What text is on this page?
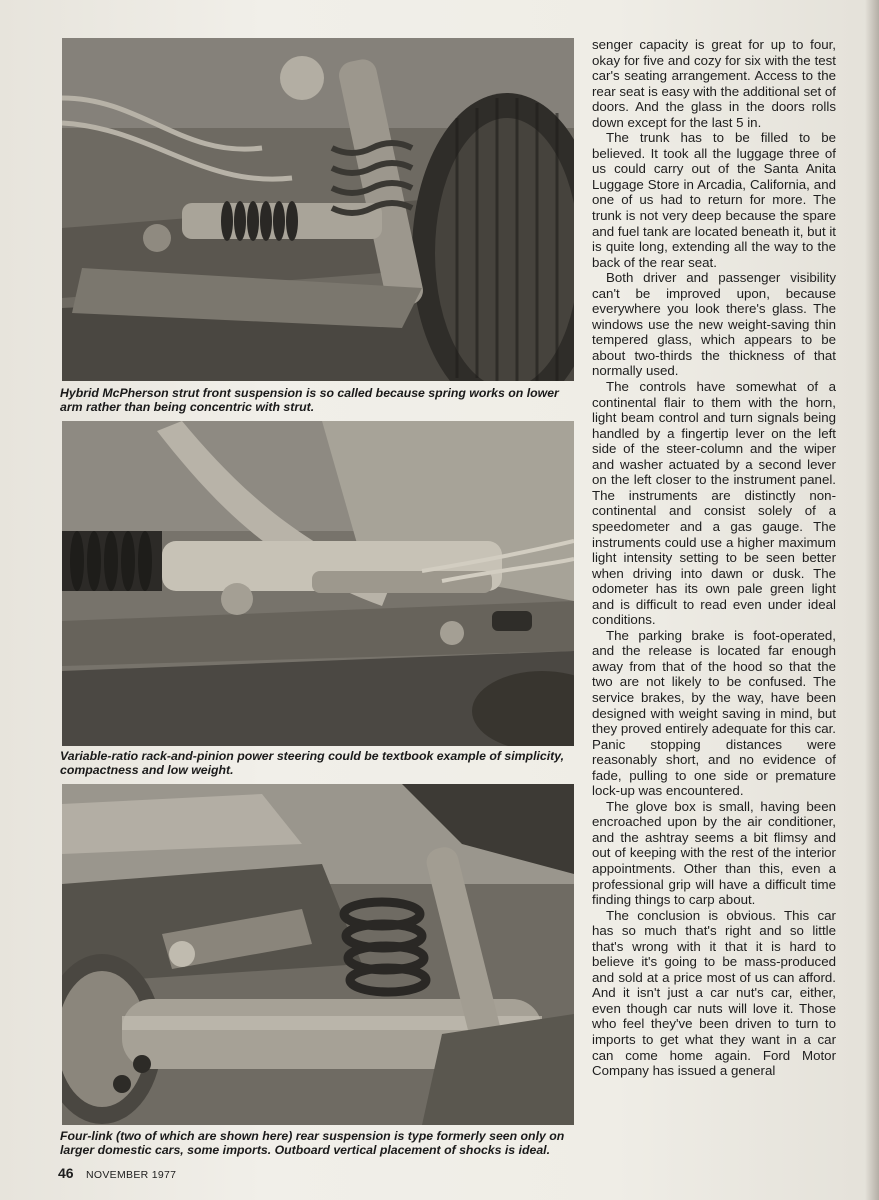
Hybrid McPherson strut front suspension is so called because spring works on lower arm rather than being concentric with strut.
Variable-ratio rack-and-pinion power steering could be textbook example of simplicity, compactness and low weight.
Four-link (two of which are shown here) rear suspension is type formerly seen only on larger domestic cars, some imports. Outboard vertical placement of shocks is ideal.

senger capacity is great for up to four, okay for five and cozy for six with the test car's seating arrangement. Access to the rear seat is easy with the additional set of doors. And the glass in the doors rolls down except for the last 5 in.

The trunk has to be filled to be believed. It took all the luggage three of us could carry out of the Santa Anita Luggage Store in Arcadia, California, and one of us had to return for more. The trunk is not very deep because the spare and fuel tank are located beneath it, but it is quite long, extending all the way to the back of the rear seat.

Both driver and passenger visibility can't be improved upon, because everywhere you look there's glass. The windows use the new weight-saving thin tempered glass, which appears to be about two-thirds the thickness of that normally used.

The controls have somewhat of a continental flair to them with the horn, light beam control and turn signals being handled by a fingertip lever on the left side of the steer-column and the wiper and washer actuated by a second lever on the left closer to the instrument panel. The instruments are distinctly non-continental and consist solely of a speedometer and a gas gauge. The instruments could use a higher maximum light intensity setting to be seen better when driving into dawn or dusk. The odometer has its own pale green light and is difficult to read even under ideal conditions.

The parking brake is foot-operated, and the release is located far enough away from that of the hood so that the two are not likely to be confused. The service brakes, by the way, have been designed with weight saving in mind, but they proved entirely adequate for this car. Panic stopping distances were reasonably short, and no evidence of fade, pulling to one side or premature lock-up was encountered.

The glove box is small, having been encroached upon by the air conditioner, and the ashtray seems a bit flimsy and out of keeping with the rest of the interior appointments. Other than this, even a professional grip will have a difficult time finding things to carp about.

The conclusion is obvious. This car has so much that's right and so little that's wrong with it that it is hard to believe it's going to be mass-produced and sold at a price most of us can afford. And it isn't just a car nut's car, either, even though car nuts will love it. Those who feel they've been driven to turn to imports to get what they want in a car can come home again. Ford Motor Company has issued a general

46 NOVEMBER 1977
